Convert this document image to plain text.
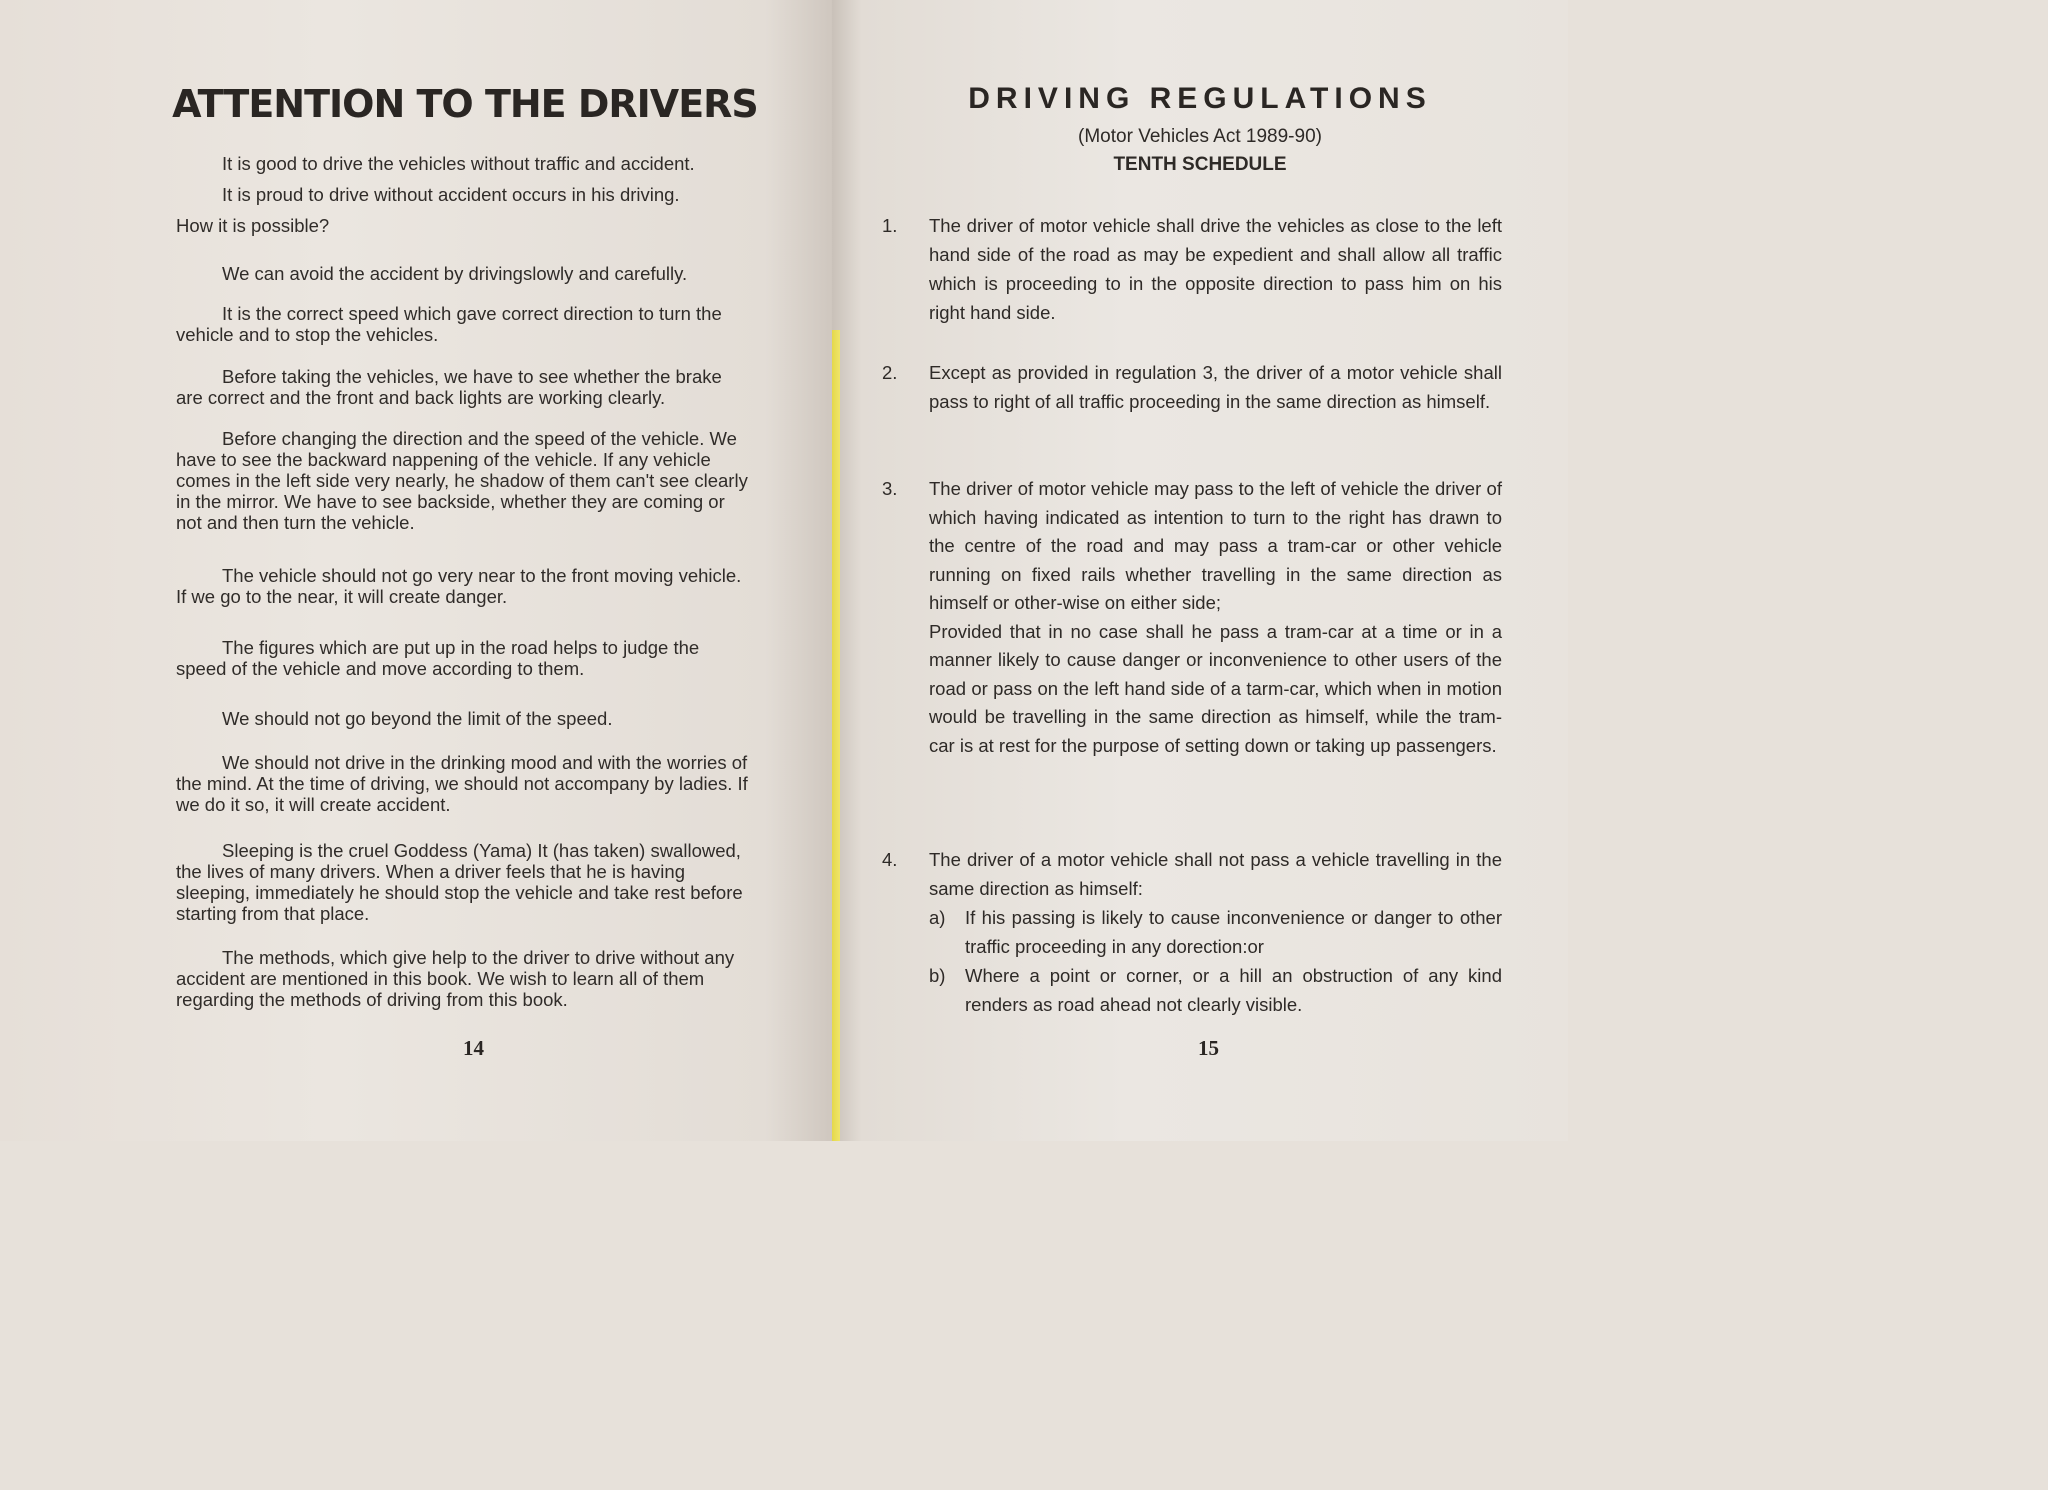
ATTENTION TO THE DRIVERS
It is good to drive the vehicles without traffic and accident.
It is proud to drive without accident occurs in his driving.
How it is possible?
We can avoid the accident by drivingslowly and carefully.
It is the correct speed which gave correct direction to turn the vehicle and to stop the vehicles.
Before taking the vehicles, we have to see whether the brake are correct and the front and back lights are working clearly.
Before changing the direction and the speed of the vehicle. We have to see the backward nappening of the vehicle. If any vehicle comes in the left side very nearly, he shadow of them can't see clearly in the mirror. We have to see backside, whether they are coming or not and then turn the vehicle.
The vehicle should not go very near to the front moving vehicle. If we go to the near, it will create danger.
The figures which are put up in the road helps to judge the speed of the vehicle and move according to them.
We should not go beyond the limit of the speed.
We should not drive in the drinking mood and with the worries of the mind. At the time of driving, we should not accompany by ladies. If we do it so, it will create accident.
Sleeping is the cruel Goddess (Yama) It (has taken) swallowed, the lives of many drivers. When a driver feels that he is having sleeping, immediately he should stop the vehicle and take rest before starting from that place.
The methods, which give help to the driver to drive without any accident are mentioned in this book. We wish to learn all of them regarding the methods of driving from this book.
14
DRIVING REGULATIONS
(Motor Vehicles Act 1989-90)
TENTH SCHEDULE
1. The driver of motor vehicle shall drive the vehicles as close to the left hand side of the road as may be expedient and shall allow all traffic which is proceeding to in the opposite direction to pass him on his right hand side.
2. Except as provided in regulation 3, the driver of a motor vehicle shall pass to right of all traffic proceeding in the same direction as himself.
3. The driver of motor vehicle may pass to the left of vehicle the driver of which having indicated as intention to turn to the right has drawn to the centre of the road and may pass a tram-car or other vehicle running on fixed rails whether travelling in the same direction as himself or other-wise on either side;
Provided that in no case shall he pass a tram-car at a time or in a manner likely to cause danger or inconvenience to other users of the road or pass on the left hand side of a tarm-car, which when in motion would be travelling in the same direction as himself, while the tram-car is at rest for the purpose of setting down or taking up passengers.
4. The driver of a motor vehicle shall not pass a vehicle travelling in the same direction as himself:
a) If his passing is likely to cause inconvenience or danger to other traffic proceeding in any dorection:or
b) Where a point or corner, or a hill an obstruction of any kind renders as road ahead not clearly visible.
15
